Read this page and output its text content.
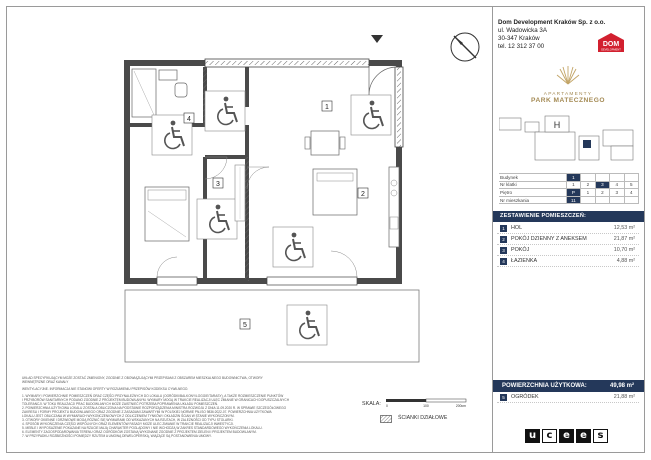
1
2
3
4
5
Dom Development Kraków Sp. z o.o.
ul. Wadowicka 3A
30-347 Kraków
tel. 12 312 37 00	DOM
DEVELOPMENT
APARTAMENTY
PARK MATECZNEGO
H
Budynek	1				
Nr klatki	1	2	3	4	5
Piętro	P	1	2	3	4
Nr mieszkania	11				
ZESTAWIENIE POMIESZCZEŃ:
1	HOL	12,53 m²
2	POKÓJ DZIENNY Z ANEKSEM	21,87 m²
3	POKÓJ	10,70 m²
4	ŁAZIENKA	4,88 m²
POWIERZCHNIA UŻYTKOWA:	49,98 m²
5	OGRÓDEK	21,88 m²

UKŁAD SPECYFIKUJĄCYM MOŻE ZOSTAĆ ZMIENIONY, ZGODNIE Z OBOWIĄZUJĄCYMI PRZEPISAMI Z OBSZAREM MIESZKALNEGO BUDOWNICTWA, OTWORY WEWNĘTRZNE ORAZ KANAŁY

WENTYLACYJNE. INFORMACJA NIE STANOWI OFERTY W ROZUMIENIU PRZEPISÓW KODEKSU CYWILNEGO.

1. WYMIARY I POWIERZCHNIE POMIESZCZEŃ ORAZ CZĘŚCI PRZYNALEŻNYCH DO LOKALU (OGRÓDKI/BALKONY/LOGGIE/TARASY), A TAKŻE ROZMIESZCZENIE PUNKTÓW

I PRZYBORÓW SANITARNYCH PODANO ZGODNIE Z PROJEKTEM BUDOWLANYM. WYMIARY MOGĄ W TRAKCIE REALIZACJI ULEC ZMIANIE W GRANICACH DOPUSZCZALNYCH

TOLERANCJI. W TOKU REALIZACJI PRAC BUDOWLANYCH MOŻE ZAISTNIEĆ POTRZEBA POPRAWIENIA UKŁADU POMIESZCZEŃ.

2. POWIERZCHNIA UŻYTKOWA LOKALU ZOSTAŁA OBLICZONA NA PODSTAWIE ROZPORZĄDZENIA MINISTRA ROZWOJU Z DNIA 11.09.2020 R. W SPRAWIE SZCZEGÓŁOWEGO

ZAKRESU I FORMY PROJEKTU BUDOWLANEGO ORAZ ZGODNIE Z ZASADAMI ZAWARTYMI W POLSKIEJ NORMIE PN-ISO 9836:2022-07. POWIERZCHNIA UŻYTKOWA

LOKALU JEST OBLICZANA W WYMIARACH WYKOŃCZENIOWYCH Z ODLICZENIEM TYNKÓW I OKŁADZIN ŚCIAN W STANIE WYKOŃCZONYM.

3. OTWORY OKIENNE I DRZWIOWE MOGĄ RÓŻNIĆ SIĘ WYMIARAMI OD WSKAZANYCH NA RZUTACH, W ZALEŻNOŚCI OD TYPU STOLARKI.

4. SPOSÓB WYKOŃCZENIA CZĘŚCI WSPÓLNYCH ORAZ ELEMENTÓW FASADY MOŻE ULEC ZMIANIE W TRAKCIE REALIZACJI INWESTYCJI.

5. MEBLE I WYPOSAŻENIE POKAZANE NA RZUCIE MAJĄ CHARAKTER POGLĄDOWY I NIE WCHODZĄ W ZAKRES STANDARDOWEGO WYKOŃCZENIA LOKALU.

6. ELEMENTY ZAGOSPODAROWANIA TERENU ORAZ OGRÓDKÓW ZOSTANĄ WYKONANE ZGODNIE Z PROJEKTEM ZIELENI I PROJEKTEM BUDOWLANYM.

7. W PRZYPADKU ROZBIEŻNOŚCI POMIĘDZY RZUTEM A UMOWĄ DEWELOPERSKĄ, WIĄŻĄCE SĄ POSTANOWIENIA UMOWY.

SKALA: 0	100	200cm
ŚCIANKI DZIAŁOWE
u c e e s
